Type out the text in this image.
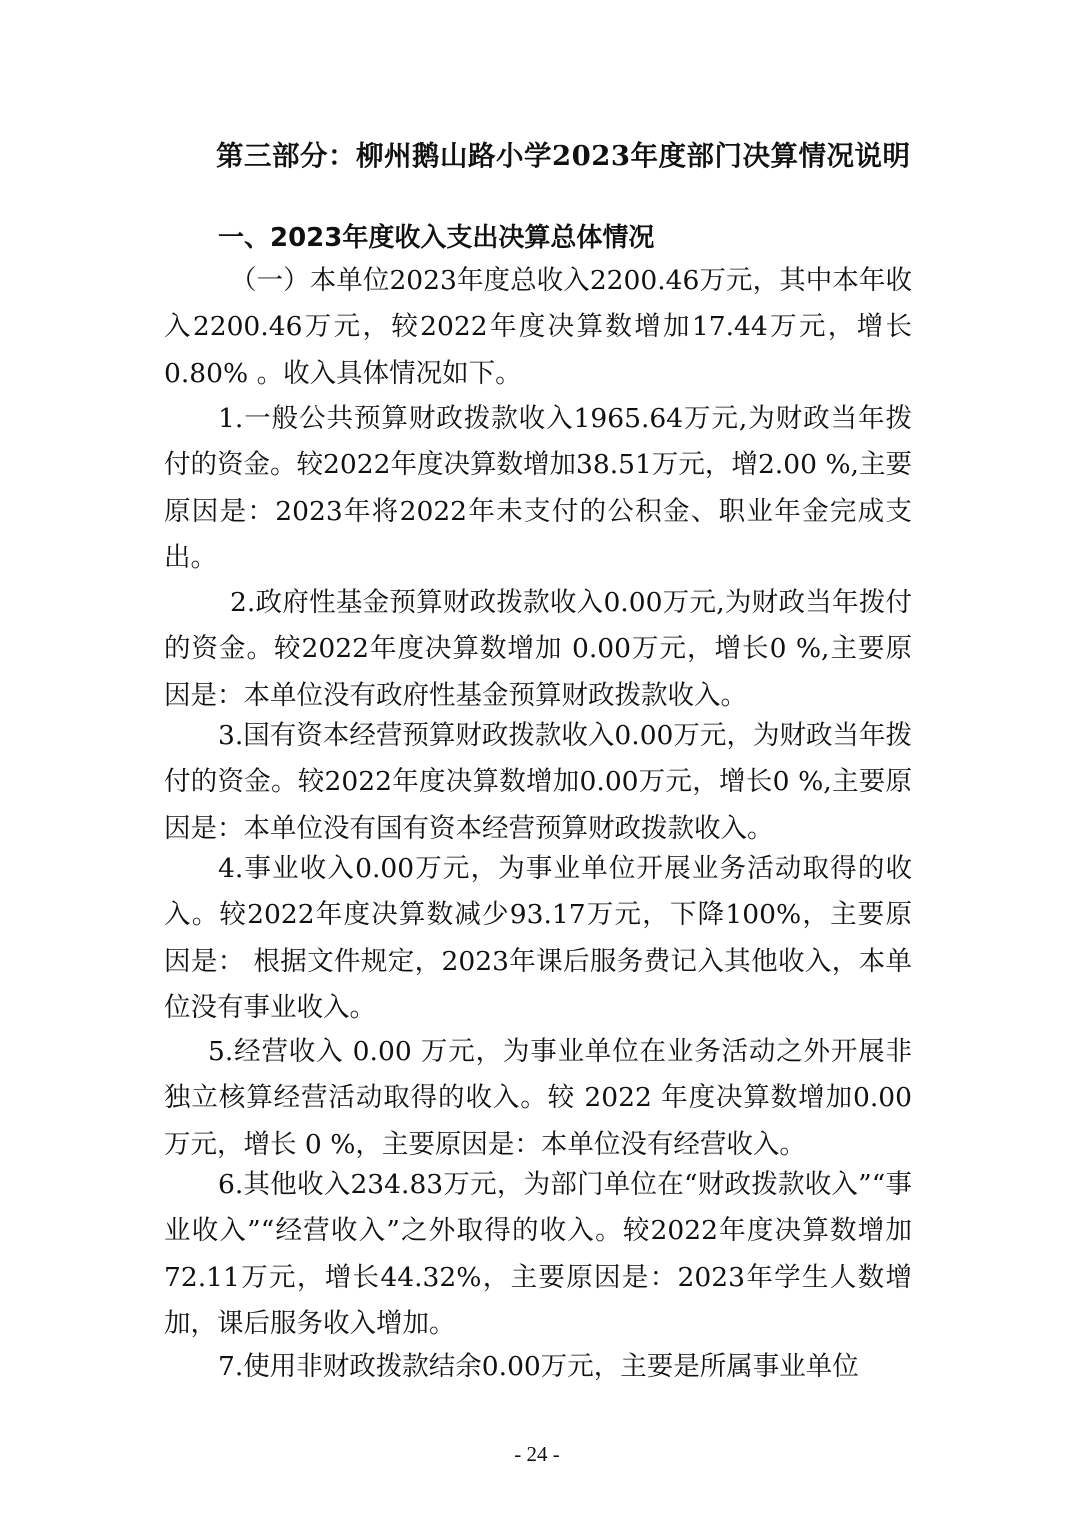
第三部分：柳州鹅山路小学2023年度部门决算情况说明
一、2023年度收入支出决算总体情况

（一）本单位2023年度总收入2200.46万元，其中本年收入2200.46万元，较2022年度决算数增加17.44万元，增长0.80% 。收入具体情况如下。

1.一般公共预算财政拨款收入1965.64万元,为财政当年拨付的资金。较2022年度决算数增加38.51万元，增2.00 %,主要原因是：2023年将2022年未支付的公积金、职业年金完成支出。

2.政府性基金预算财政拨款收入0.00万元,为财政当年拨付的资金。较2022年度决算数增加 0.00万元，增长0 %,主要原因是：本单位没有政府性基金预算财政拨款收入。

3.国有资本经营预算财政拨款收入0.00万元，为财政当年拨付的资金。较2022年度决算数增加0.00万元，增长0 %,主要原因是：本单位没有国有资本经营预算财政拨款收入。

4.事业收入0.00万元，为事业单位开展业务活动取得的收入。较2022年度决算数减少93.17万元，下降100%，主要原因是： 根据文件规定，2023年课后服务费记入其他收入，本单位没有事业收入。

5.经营收入 0.00 万元，为事业单位在业务活动之外开展非独立核算经营活动取得的收入。较 2022 年度决算数增加0.00 万元，增长 0 %，主要原因是：本单位没有经营收入。

6.其他收入234.83万元，为部门单位在“财政拨款收入”“事业收入”“经营收入”之外取得的收入。较2022年度决算数增加72.11万元，增长44.32%，主要原因是：2023年学生人数增加，课后服务收入增加。

7.使用非财政拨款结余0.00万元，主要是所属事业单位

- 24 -
